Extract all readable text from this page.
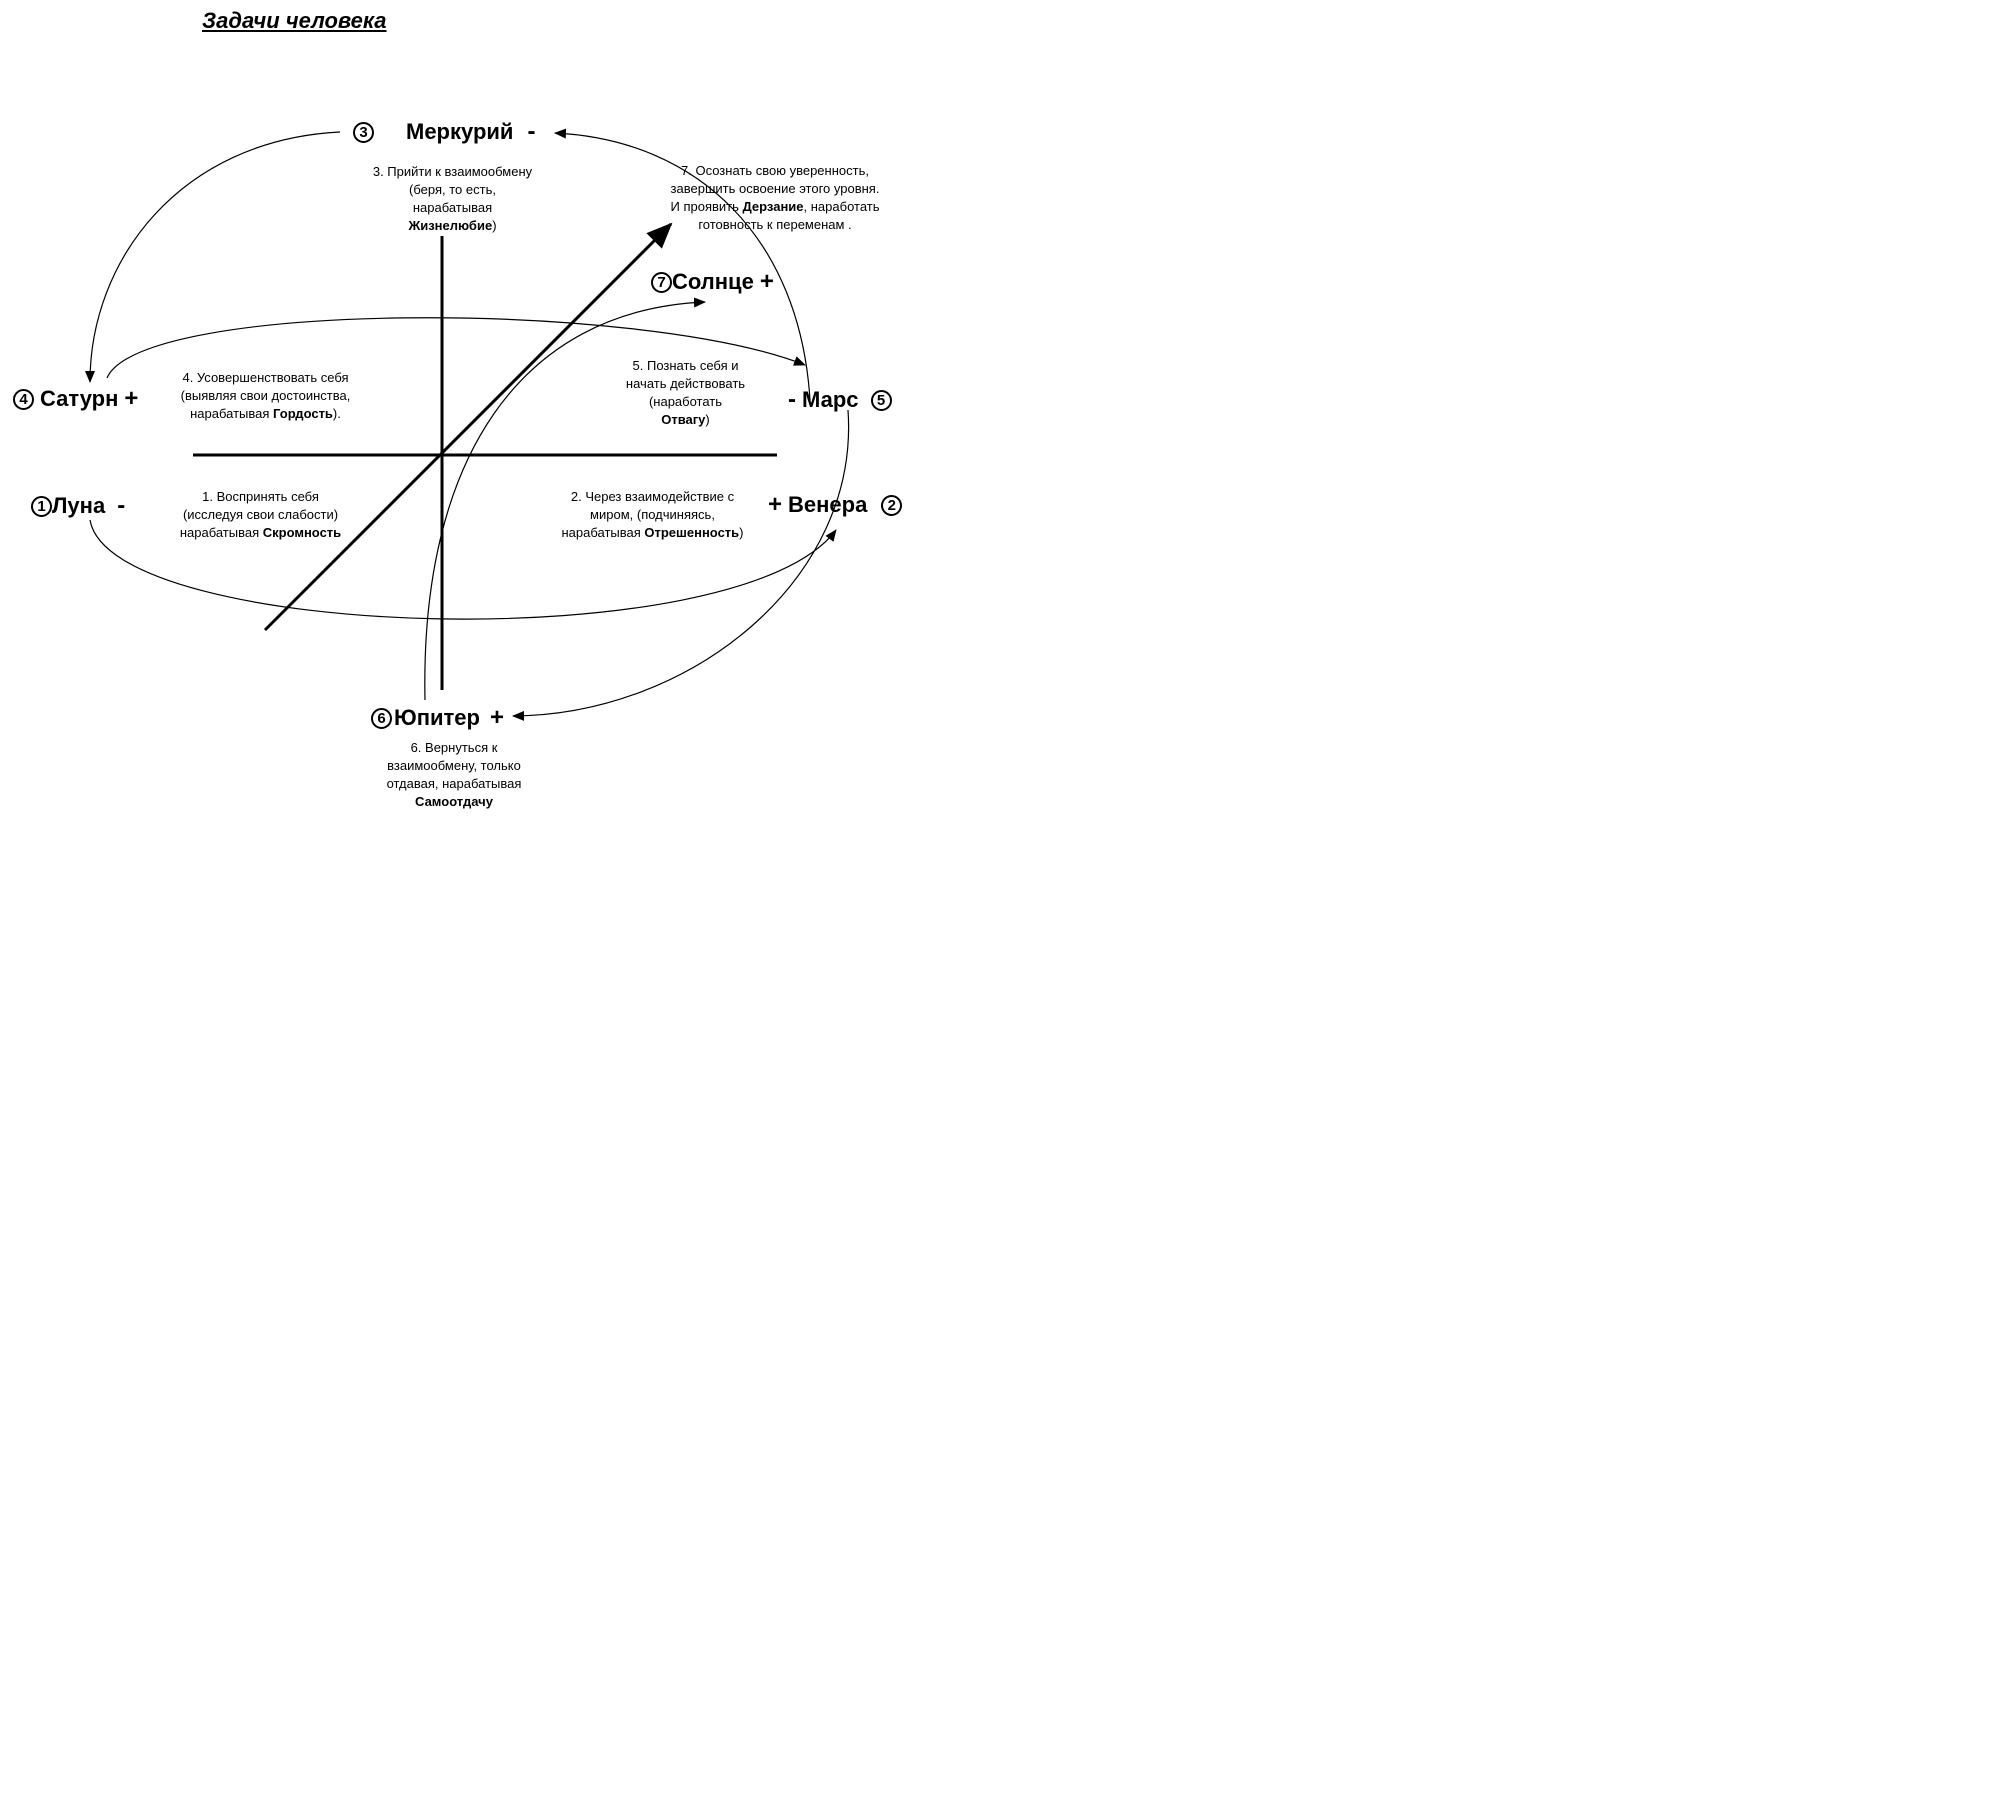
Задачи человека
3 Меркурий -
4 Сатурн +
1 Луна -
7 Солнце +
- Марс	5
+ Венера	2
6 Юпитер +
3. Прийти к взаимообмену
(беря, то есть,
нарабатывая
Жизнелюбие)
7. Осознать свою уверенность,
завершить освоение этого уровня.
И проявить Дерзание, наработать
готовность к переменам .
4. Усовершенствовать себя
(выявляя свои достоинства,
нарабатывая Гордость).
5. Познать себя и
начать действовать
(наработать
Отвагу)
1. Воспринять себя
(исследуя свои слабости)
нарабатывая Скромность
2. Через взаимодействие с
миром, (подчиняясь,
нарабатывая Отрешенность)
6. Вернуться к
взаимообмену, только
отдавая, нарабатывая
Самоотдачу
